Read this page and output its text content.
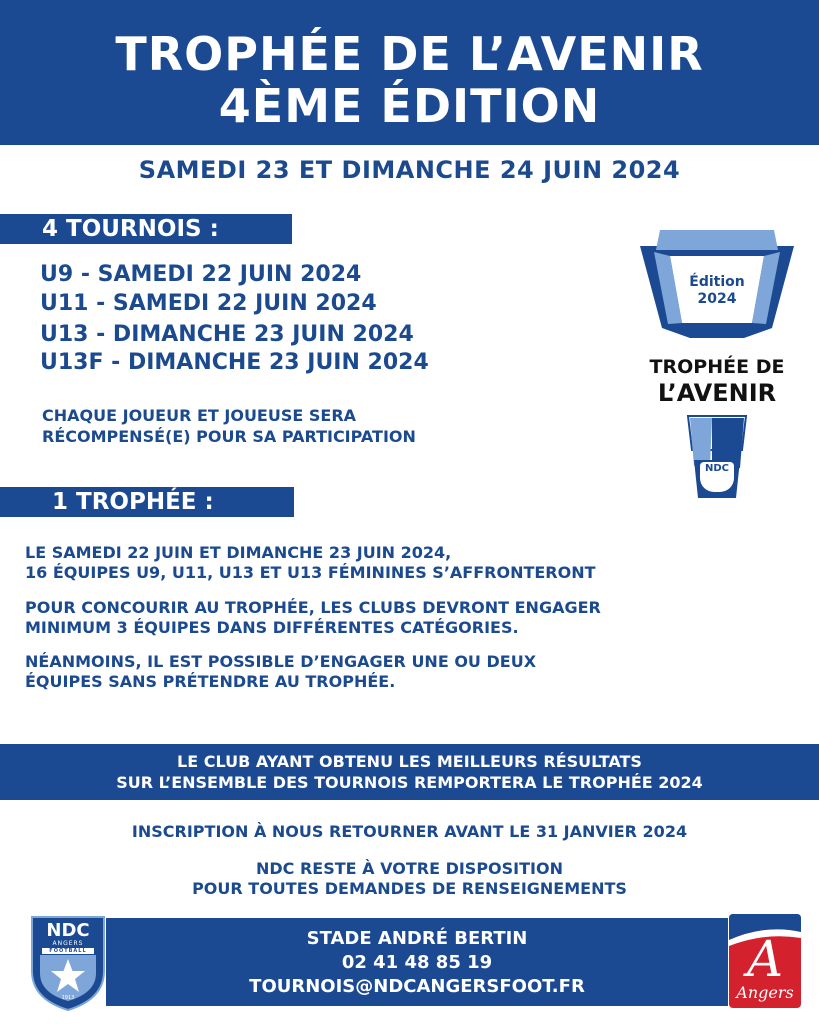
TROPHÉE DE L’AVENIR
4ÈME ÉDITION
SAMEDI 23 ET DIMANCHE 24 JUIN 2024
4 TOURNOIS :
U9 - SAMEDI 22 JUIN 2024
U11 - SAMEDI 22 JUIN 2024
U13 - DIMANCHE 23 JUIN 2024
U13F - DIMANCHE 23 JUIN 2024
CHAQUE JOUEUR ET JOUEUSE SERA
RÉCOMPENSÉ(E) POUR SA PARTICIPATION
Édition
2024
TROPHÉE DE
L’AVENIR
NDC
1 TROPHÉE :
LE SAMEDI 22 JUIN ET DIMANCHE 23 JUIN 2024,
16 ÉQUIPES U9, U11, U13 ET U13 FÉMININES S’AFFRONTERONT
POUR CONCOURIR AU TROPHÉE, LES CLUBS DEVRONT ENGAGER
MINIMUM 3 ÉQUIPES DANS DIFFÉRENTES CATÉGORIES.
NÉANMOINS, IL EST POSSIBLE D’ENGAGER UNE OU DEUX
ÉQUIPES SANS PRÉTENDRE AU TROPHÉE.
LE CLUB AYANT OBTENU LES MEILLEURS RÉSULTATS
SUR L’ENSEMBLE DES TOURNOIS REMPORTERA LE TROPHÉE 2024
INSCRIPTION À NOUS RETOURNER AVANT LE 31 JANVIER 2024
NDC RESTE À VOTRE DISPOSITION
POUR TOUTES DEMANDES DE RENSEIGNEMENTS
STADE ANDRÉ BERTIN
02 41 48 85 19
TOURNOIS@NDCANGERSFOOT.FR
NDC
ANGERS
FOOTBALL
1913
A
Angers
